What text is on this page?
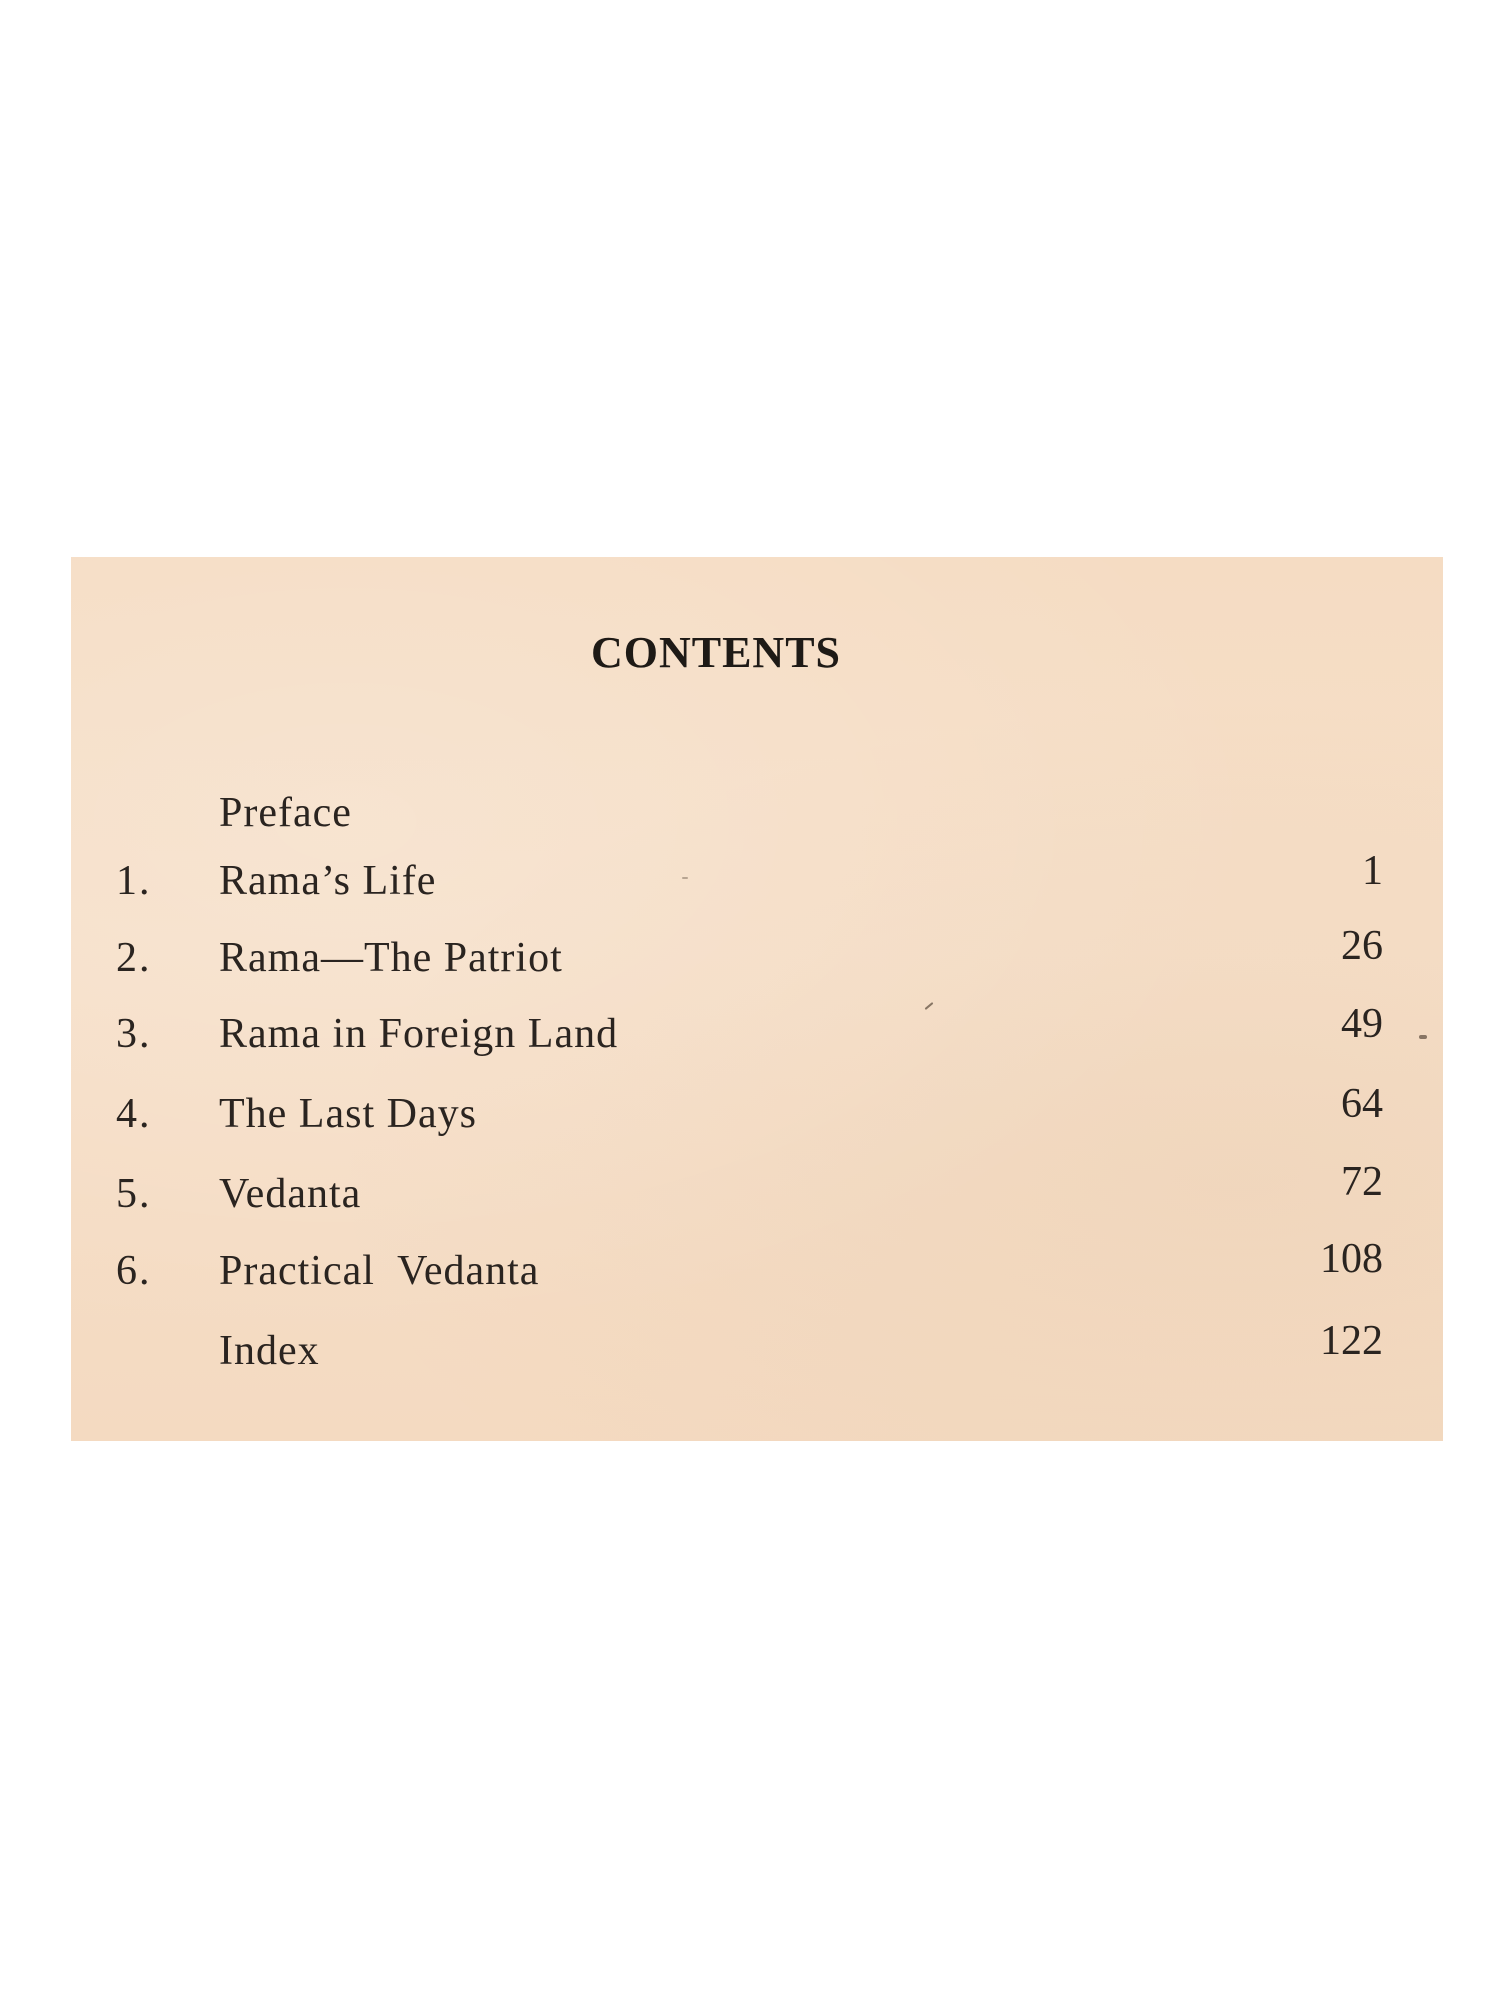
CONTENTS
Preface
1. Rama’s Life	1
2. Rama—The Patriot	26
3. Rama in Foreign Land	49
4. The Last Days	64
5. Vedanta	72
6. Practical  Vedanta	108
Index	122
